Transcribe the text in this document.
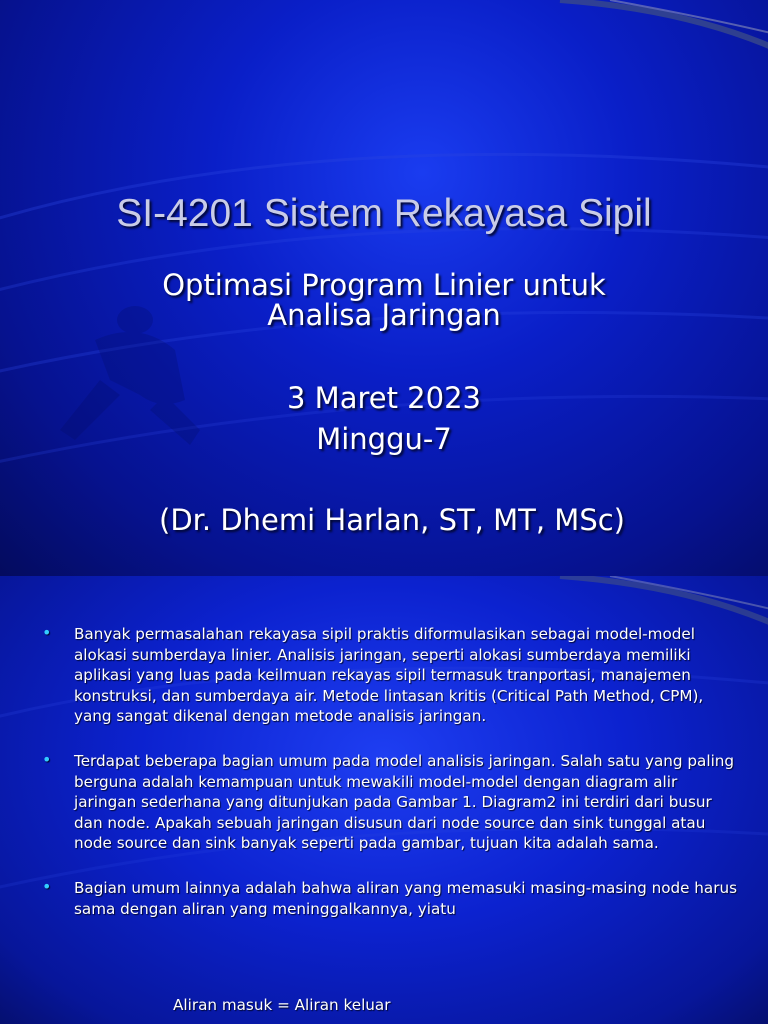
SI-4201 Sistem Rekayasa Sipil
Optimasi Program Linier untuk
Analisa Jaringan
3 Maret 2023
Minggu-7
(Dr. Dhemi Harlan, ST, MT, MSc)
• Banyak permasalahan rekayasa sipil praktis diformulasikan sebagai model-model alokasi sumberdaya linier. Analisis jaringan, seperti alokasi sumberdaya memiliki aplikasi yang luas pada keilmuan rekayas sipil termasuk tranportasi, manajemen konstruksi, dan sumberdaya air. Metode lintasan kritis (Critical Path Method, CPM), yang sangat dikenal dengan metode analisis jaringan.
• Terdapat beberapa bagian umum pada model analisis jaringan. Salah satu yang paling berguna adalah kemampuan untuk mewakili model-model dengan diagram alir jaringan sederhana yang ditunjukan pada Gambar 1. Diagram2 ini terdiri dari busur dan node. Apakah sebuah jaringan disusun dari node source dan sink tunggal atau node source dan sink banyak seperti pada gambar, tujuan kita adalah sama.
• Bagian umum lainnya adalah bahwa aliran yang memasuki masing-masing node harus sama dengan aliran yang meninggalkannya, yiatu
Aliran masuk = Aliran keluar
